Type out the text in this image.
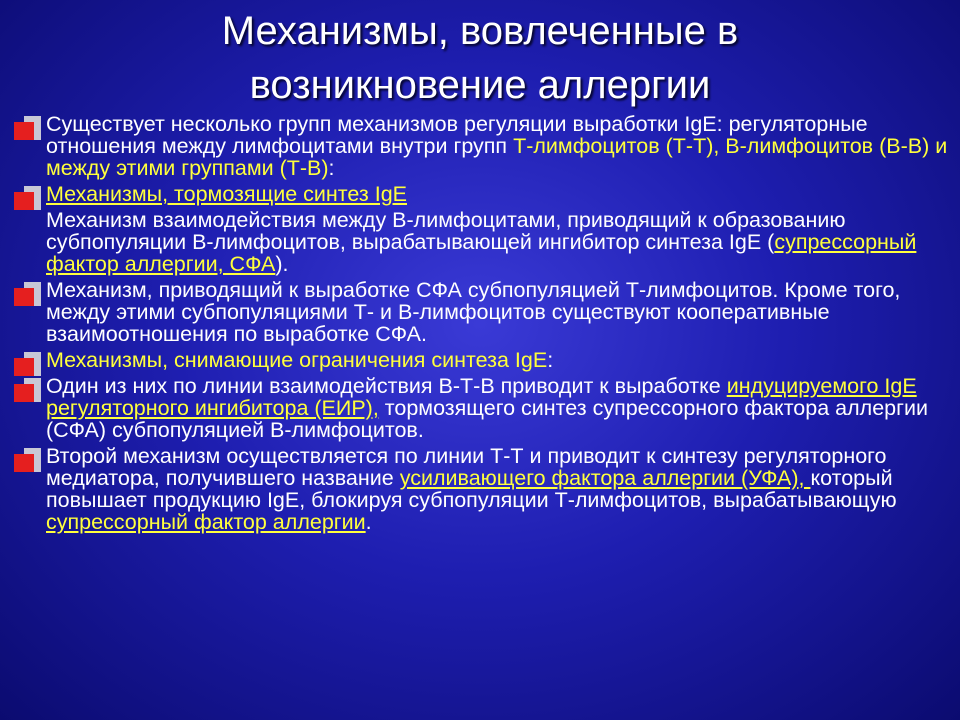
Механизмы, вовлеченные в
возникновение аллергии
Существует несколько групп механизмов регуляции выработки IgE: регуляторные отношения между лимфоцитами внутри групп Т-лимфоцитов (Т-Т), В-лимфоцитов (В-В) и между этими группами (Т-В):
Механизмы, тормозящие синтез IgE
Механизм взаимодействия между В-лимфоцитами, приводящий к образованию субпопуляции В-лимфоцитов, вырабатывающей ингибитор синтеза IgE (супрессорный фактор аллергии, СФА).
Механизм, приводящий к выработке СФА субпопуляцией Т-лимфоцитов. Кроме того, между этими субпопуляциями Т- и В-лимфоцитов существуют кооперативные взаимоотношения по выработке СФА.
Механизмы, снимающие ограничения синтеза IgE:
Один из них по линии взаимодействия В-Т-В приводит к выработке индуцируемого IgE регуляторного ингибитора (ЕИР), тормозящего синтез супрессорного фактора аллергии (СФА) субпопуляцией В-лимфоцитов.
Второй механизм осуществляется по линии Т-Т и приводит к синтезу регуляторного медиатора, получившего название усиливающего фактора аллергии (УФА), который повышает продукцию IgE, блокируя субпопуляции Т-лимфоцитов, вырабатывающую супрессорный фактор аллергии.
